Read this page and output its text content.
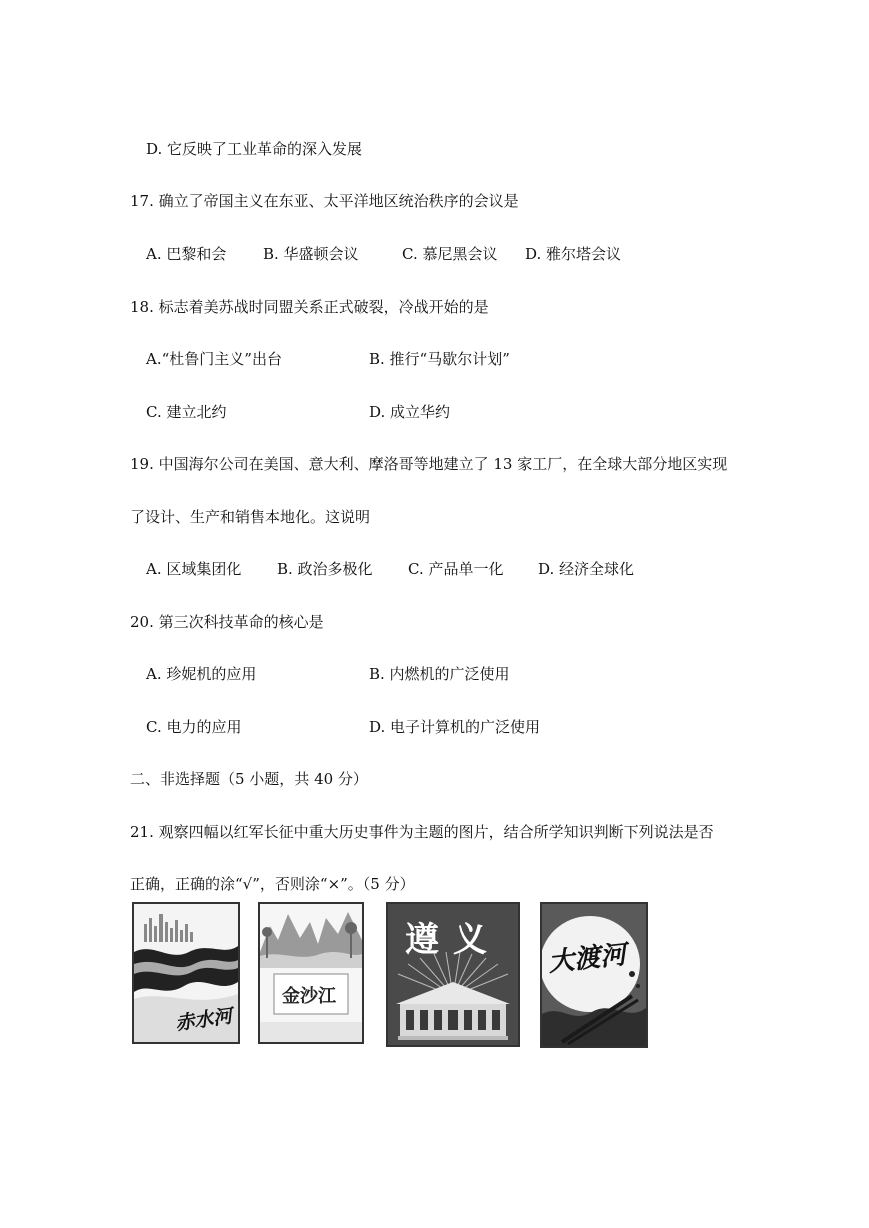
D. 它反映了工业革命的深入发展
17. 确立了帝国主义在东亚、太平洋地区统治秩序的会议是
A. 巴黎和会 B. 华盛顿会议	C. 慕尼黑会议 D. 雅尔塔会议
18. 标志着美苏战时同盟关系正式破裂，冷战开始的是
A.“杜鲁门主义”出台	B. 推行“马歇尔计划”
C. 建立北约	D. 成立华约
19. 中国海尔公司在美国、意大利、摩洛哥等地建立了 13 家工厂，在全球大部分地区实现
了设计、生产和销售本地化。这说明
A. 区域集团化 B. 政治多极化 C. 产品单一化 D. 经济全球化
20. 第三次科技革命的核心是
A. 珍妮机的应用	B. 内燃机的广泛使用
C. 电力的应用	D. 电子计算机的广泛使用
二、非选择题（5 小题，共 40 分）
21. 观察四幅以红军长征中重大历史事件为主题的图片，结合所学知识判断下列说法是否
正确，正确的涂“√”，否则涂“×”。（5 分）
赤水河
金沙江
遵义	大渡河
